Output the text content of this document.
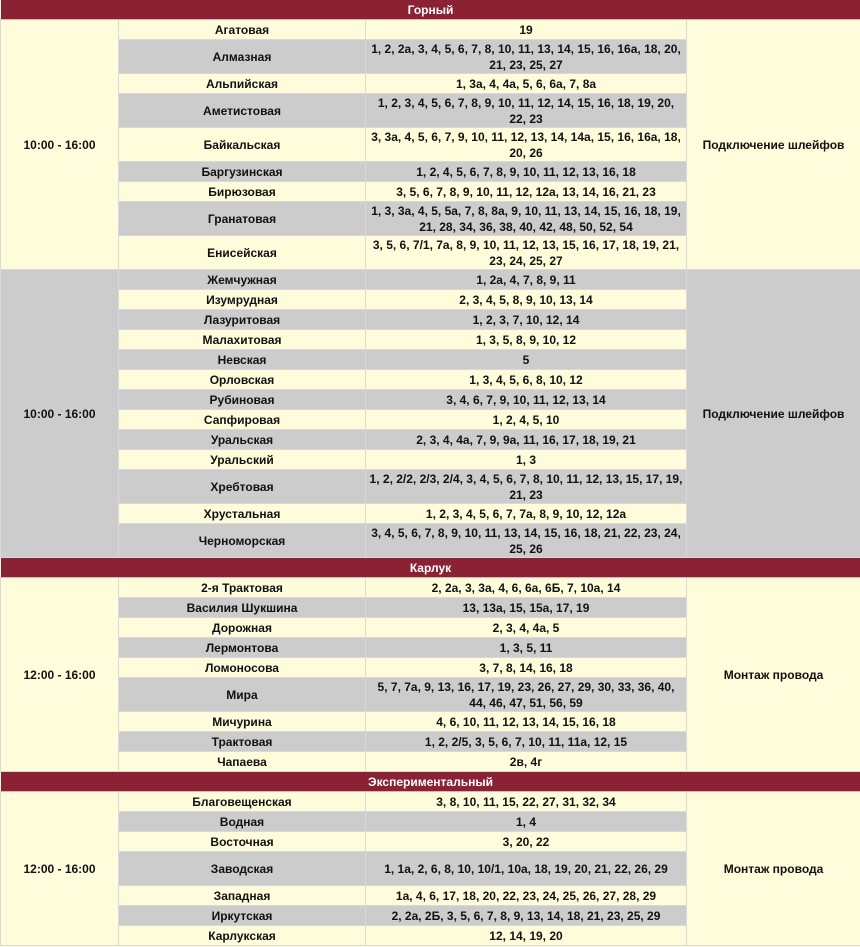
Горный			
10:00 - 16:00	Агатовая	19	Подключение шлейфов
	Алмазная	1, 2, 2а, 3, 4, 5, 6, 7, 8, 10, 11, 13, 14, 15, 16, 16а, 18, 20, 21, 23, 25, 27	
	Альпийская	1, 3а, 4, 4а, 5, 6, 6а, 7, 8а	
	Аметистовая	1, 2, 3, 4, 5, 6, 7, 8, 9, 10, 11, 12, 14, 15, 16, 18, 19, 20, 22, 23	
	Байкальская	3, 3а, 4, 5, 6, 7, 9, 10, 11, 12, 13, 14, 14а, 15, 16, 16а, 18, 20, 26	
	Баргузинская	1, 2, 4, 5, 6, 7, 8, 9, 10, 11, 12, 13, 16, 18	
	Бирюзовая	3, 5, 6, 7, 8, 9, 10, 11, 12, 12а, 13, 14, 16, 21, 23	
	Гранатовая	1, 3, 3а, 4, 5, 5а, 7, 8, 8а, 9, 10, 11, 13, 14, 15, 16, 18, 19, 21, 28, 34, 36, 38, 40, 42, 48, 50, 52, 54	
	Енисейская	3, 5, 6, 7/1, 7а, 8, 9, 10, 11, 12, 13, 15, 16, 17, 18, 19, 21, 23, 24, 25, 27	
10:00 - 16:00	Жемчужная	1, 2а, 4, 7, 8, 9, 11	Подключение шлейфов
	Изумрудная	2, 3, 4, 5, 8, 9, 10, 13, 14	
	Лазуритовая	1, 2, 3, 7, 10, 12, 14	
	Малахитовая	1, 3, 5, 8, 9, 10, 12	
	Невская	5	
	Орловская	1, 3, 4, 5, 6, 8, 10, 12	
	Рубиновая	3, 4, 6, 7, 9, 10, 11, 12, 13, 14	
	Сапфировая	1, 2, 4, 5, 10	
	Уральская	2, 3, 4, 4а, 7, 9, 9а, 11, 16, 17, 18, 19, 21	
	Уральский	1, 3	
	Хребтовая	1, 2, 2/2, 2/3, 2/4, 3, 4, 5, 6, 7, 8, 10, 11, 12, 13, 15, 17, 19, 21, 23	
	Хрустальная	1, 2, 3, 4, 5, 6, 7, 7а, 8, 9, 10, 12, 12а	
	Черноморская	3, 4, 5, 6, 7, 8, 9, 10, 11, 13, 14, 15, 16, 18, 21, 22, 23, 24, 25, 26	
Карлук			
12:00 - 16:00	2-я Трактовая	2, 2а, 3, 3а, 4, 6, 6а, 6Б, 7, 10а, 14	Монтаж провода
	Василия Шукшина	13, 13а, 15, 15а, 17, 19	
	Дорожная	2, 3, 4, 4а, 5	
	Лермонтова	1, 3, 5, 11	
	Ломоносова	3, 7, 8, 14, 16, 18	
	Мира	5, 7, 7а, 9, 13, 16, 17, 19, 23, 26, 27, 29, 30, 33, 36, 40, 44, 46, 47, 51, 56, 59	
	Мичурина	4, 6, 10, 11, 12, 13, 14, 15, 16, 18	
	Трактовая	1, 2, 2/5, 3, 5, 6, 7, 10, 11, 11а, 12, 15	
	Чапаева	2в, 4г	
Экспериментальный			
12:00 - 16:00	Благовещенская	3, 8, 10, 11, 15, 22, 27, 31, 32, 34	Монтаж провода
	Водная	1, 4	
	Восточная	3, 20, 22	
	Заводская	1, 1а, 2, 6, 8, 10, 10/1, 10а, 18, 19, 20, 21, 22, 26, 29	
	Западная	1а, 4, 6, 17, 18, 20, 22, 23, 24, 25, 26, 27, 28, 29	
	Иркутская	2, 2а, 2Б, 3, 5, 6, 7, 8, 9, 13, 14, 18, 21, 23, 25, 29	
	Карлукская	12, 14, 19, 20	
